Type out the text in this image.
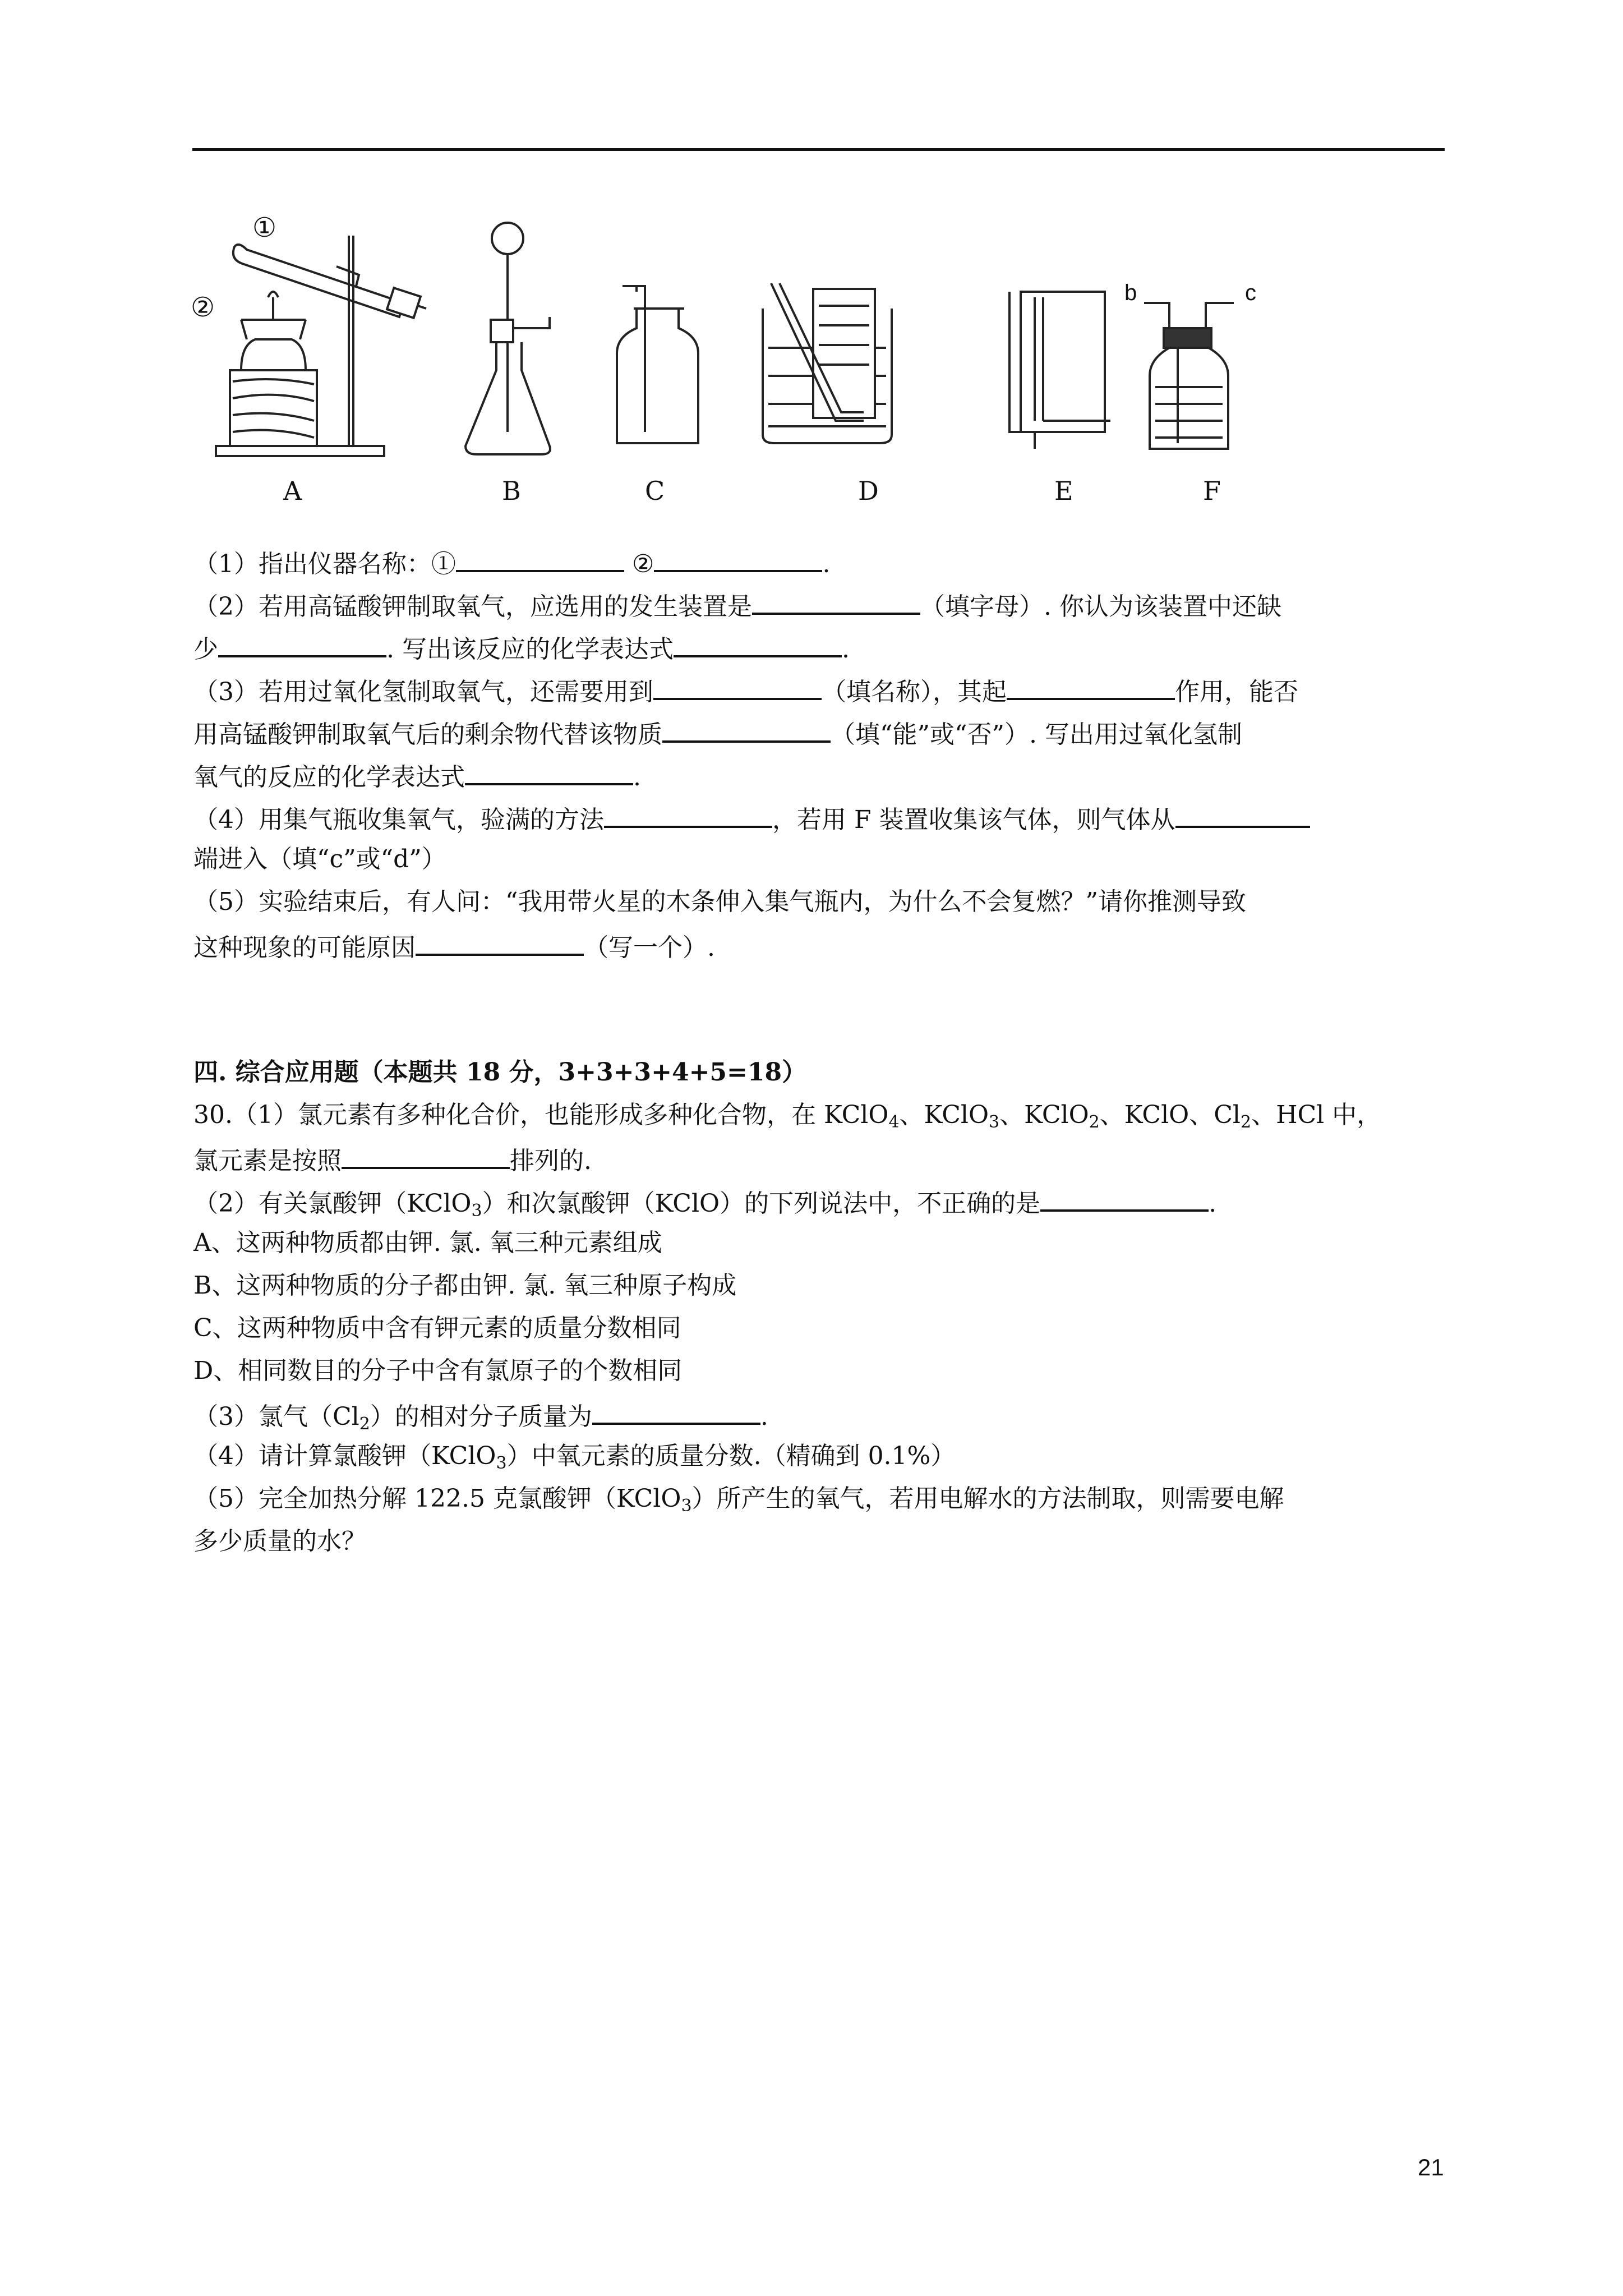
①
②
A	B	C	D	E	F
b	c
（1）指出仪器名称：①	②	.
（2）若用高锰酸钾制取氧气，应选用的发生装置是	（填字母）. 你认为该装置中还缺
少	. 写出该反应的化学表达式	.
（3）若用过氧化氢制取氧气，还需要用到	（填名称），其起	作用，能否
用高锰酸钾制取氧气后的剩余物代替该物质	（填“能”或“否”）. 写出用过氧化氢制
氧气的反应的化学表达式	.
（4）用集气瓶收集氧气，验满的方法	，若用 F 装置收集该气体，则气体从
端进入（填“c”或“d”）
（5）实验结束后，有人问：“我用带火星的木条伸入集气瓶内，为什么不会复燃？”请你推测导致
这种现象的可能原因	（写一个）.
四. 综合应用题（本题共 18 分，3+3+3+4+5=18）
30.（1）氯元素有多种化合价，也能形成多种化合物，在 KClO$_4$、KClO$_3$、KClO$_2$、KClO、$Cl_2$、HCl 中，
氯元素是按照	排列的.
（2）有关氯酸钾（KClO$_3$）和次氯酸钾（KClO）的下列说法中，不正确的是	.
A、这两种物质都由钾. 氯. 氧三种元素组成
B、这两种物质的分子都由钾. 氯. 氧三种原子构成
C、这两种物质中含有钾元素的质量分数相同
D、相同数目的分子中含有氯原子的个数相同
（3）氯气$(Cl_2)$的相对分子质量为	.
（4）请计算氯酸钾（KClO$_3$）中氧元素的质量分数.（精确到 0.1%）
（5）完全加热分解 122.5 克氯酸钾（KClO$_3$）所产生的氧气，若用电解水的方法制取，则需要电解
多少质量的水？
21
